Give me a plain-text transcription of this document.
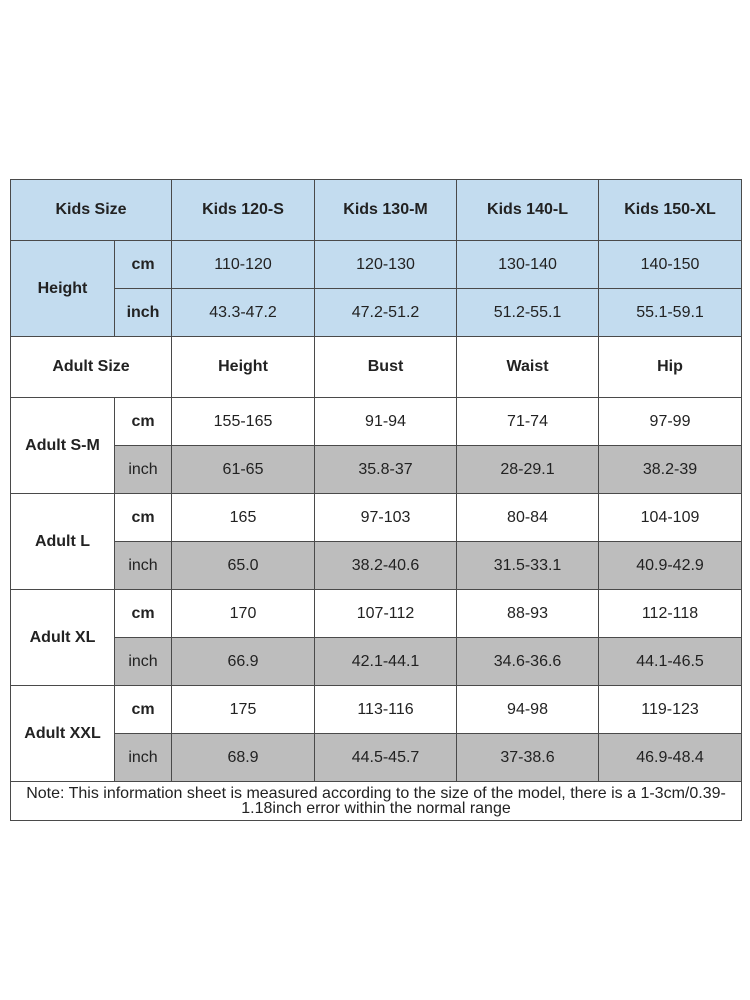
Kids Size		Kids 120-S	Kids 130-M	Kids 140-L	Kids 150-XL
Height	cm	110-120	120-130	130-140	140-150
	inch	43.3-47.2	47.2-51.2	51.2-55.1	55.1-59.1
Adult Size		Height	Bust	Waist	Hip
Adult S-M	cm	155-165	91-94	71-74	97-99
	inch	61-65	35.8-37	28-29.1	38.2-39
Adult L	cm	165	97-103	80-84	104-109
	inch	65.0	38.2-40.6	31.5-33.1	40.9-42.9
Adult XL	cm	170	107-112	88-93	112-118
	inch	66.9	42.1-44.1	34.6-36.6	44.1-46.5
Adult XXL	cm	175	113-116	94-98	119-123
	inch	68.9	44.5-45.7	37-38.6	46.9-48.4
Note: This information sheet is measured according to the size of the model, there is a 1-3cm/0.39-1.18inch error within the normal range					
